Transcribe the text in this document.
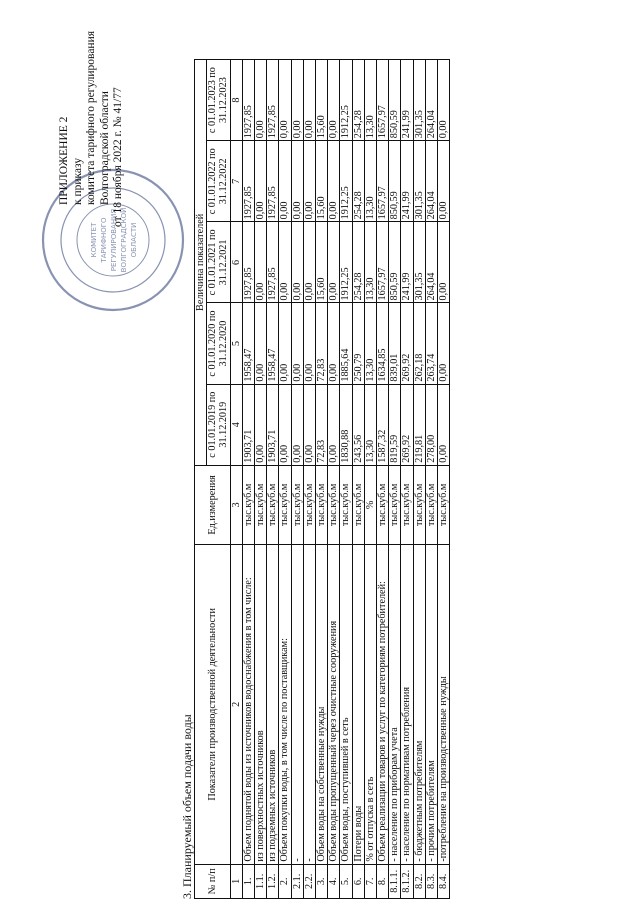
КОМИТЕТ ТАРИФНОГО РЕГУЛИРОВАНИЯ ВОЛГОГРАДСКОЙ ОБЛАСТИ
ПРИЛОЖЕНИЕ 2 к приказу комитета тарифного регулирования Волгоградской области от 18 ноября 2022 г. № 41/77
3. Планируемый объем подачи воды № п/п	Показатели производственной деятельности	Ед.измерения	Величина показателей				
			с 01.01.2019 по 31.12.2019	с 01.01.2020 по 31.12.2020	с 01.01.2021 по 31.12.2021	с 01.01.2022 по 31.12.2022	с 01.01.2023 по 31.12.2023
1	2	3	4	5	6	7	8
1.	Объем поднятой воды из источников водоснабжения в том числе:	тыс.куб.м	1903,71	1958,47	1927,85	1927,85	1927,85
1.1.	из поверхностных источников	тыс.куб.м	0,00	0,00	0,00	0,00	0,00
1.2.	из подземных источников	тыс.куб.м	1903,71	1958,47	1927,85	1927,85	1927,85
2.	Объем покупки воды, в том числе по поставщикам:	тыс.куб.м	0,00	0,00	0,00	0,00	0,00
2.1.	-	тыс.куб.м	0,00	0,00	0,00	0,00	0,00
2.2.	-	тыс.куб.м	0,00	0,00	0,00	0,00	0,00
3.	Объем воды на собственные нужды	тыс.куб.м	72,83	72,83	15,60	15,60	15,60
4.	Объем воды пропущенный через очистные сооружения	тыс.куб.м	0,00	0,00	0,00	0,00	0,00
5.	Объем воды, поступившей в сеть	тыс.куб.м	1830,88	1885,64	1912,25	1912,25	1912,25
6.	Потери воды	тыс.куб.м	243,56	250,79	254,28	254,28	254,28
7.	% от отпуска в сеть	%	13,30	13,30	13,30	13,30	13,30
8.	Объем реализации товаров и услуг по категориям потребителей:	тыс.куб.м	1587,32	1634,85	1657,97	1657,97	1657,97
8.1.1.	- население по приборам учета	тыс.куб.м	819,59	839,01	850,59	850,59	850,59
8.1.2.	- население по нормативам потребления	тыс.куб.м	269,92	269,92	241,99	241,99	241,99
8.2.	- бюджетным потребителям	тыс.куб.м	219,81	262,18	301,35	301,35	301,35
8.3.	- прочим потребителям	тыс.куб.м	278,00	263,74	264,04	264,04	264,04
8.4.	-потребление на производственные нужды	тыс.куб.м	0,00	0,00	0,00	0,00	0,00
